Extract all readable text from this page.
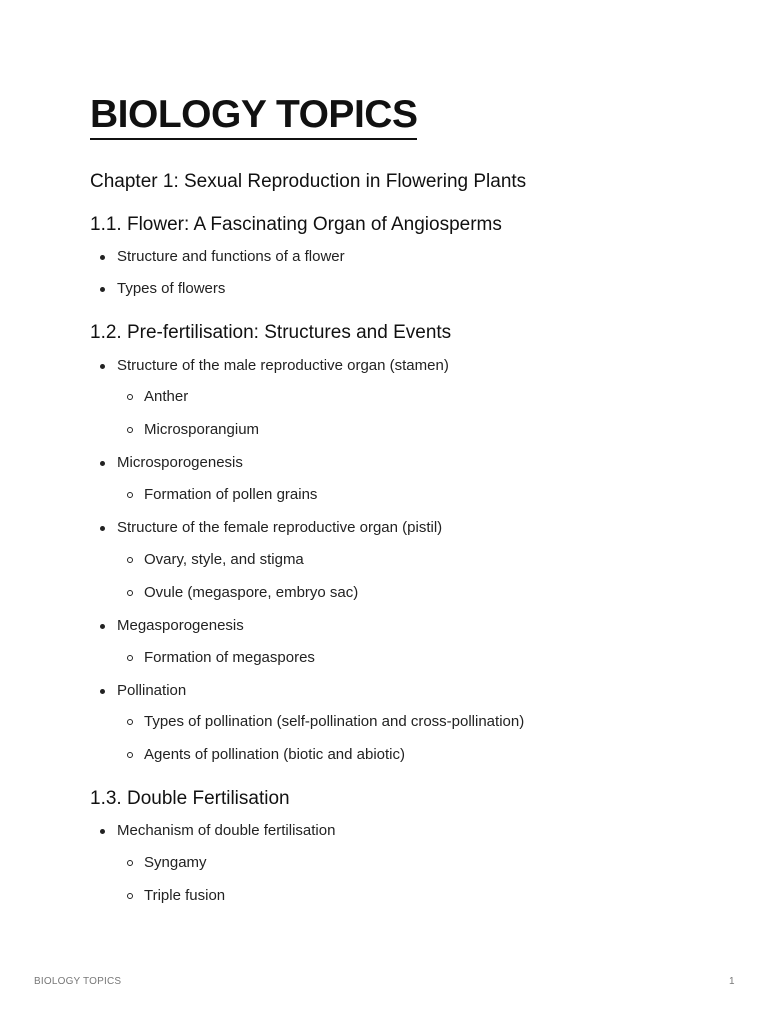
BIOLOGY TOPICS
Chapter 1: Sexual Reproduction in Flowering Plants
1.1. Flower: A Fascinating Organ of Angiosperms
Structure and functions of a flower
Types of flowers
1.2. Pre-fertilisation: Structures and Events
Structure of the male reproductive organ (stamen)
Anther
Microsporangium
Microsporogenesis
Formation of pollen grains
Structure of the female reproductive organ (pistil)
Ovary, style, and stigma
Ovule (megaspore, embryo sac)
Megasporogenesis
Formation of megaspores
Pollination
Types of pollination (self-pollination and cross-pollination)
Agents of pollination (biotic and abiotic)
1.3. Double Fertilisation
Mechanism of double fertilisation
Syngamy
Triple fusion
BIOLOGY TOPICS	1
